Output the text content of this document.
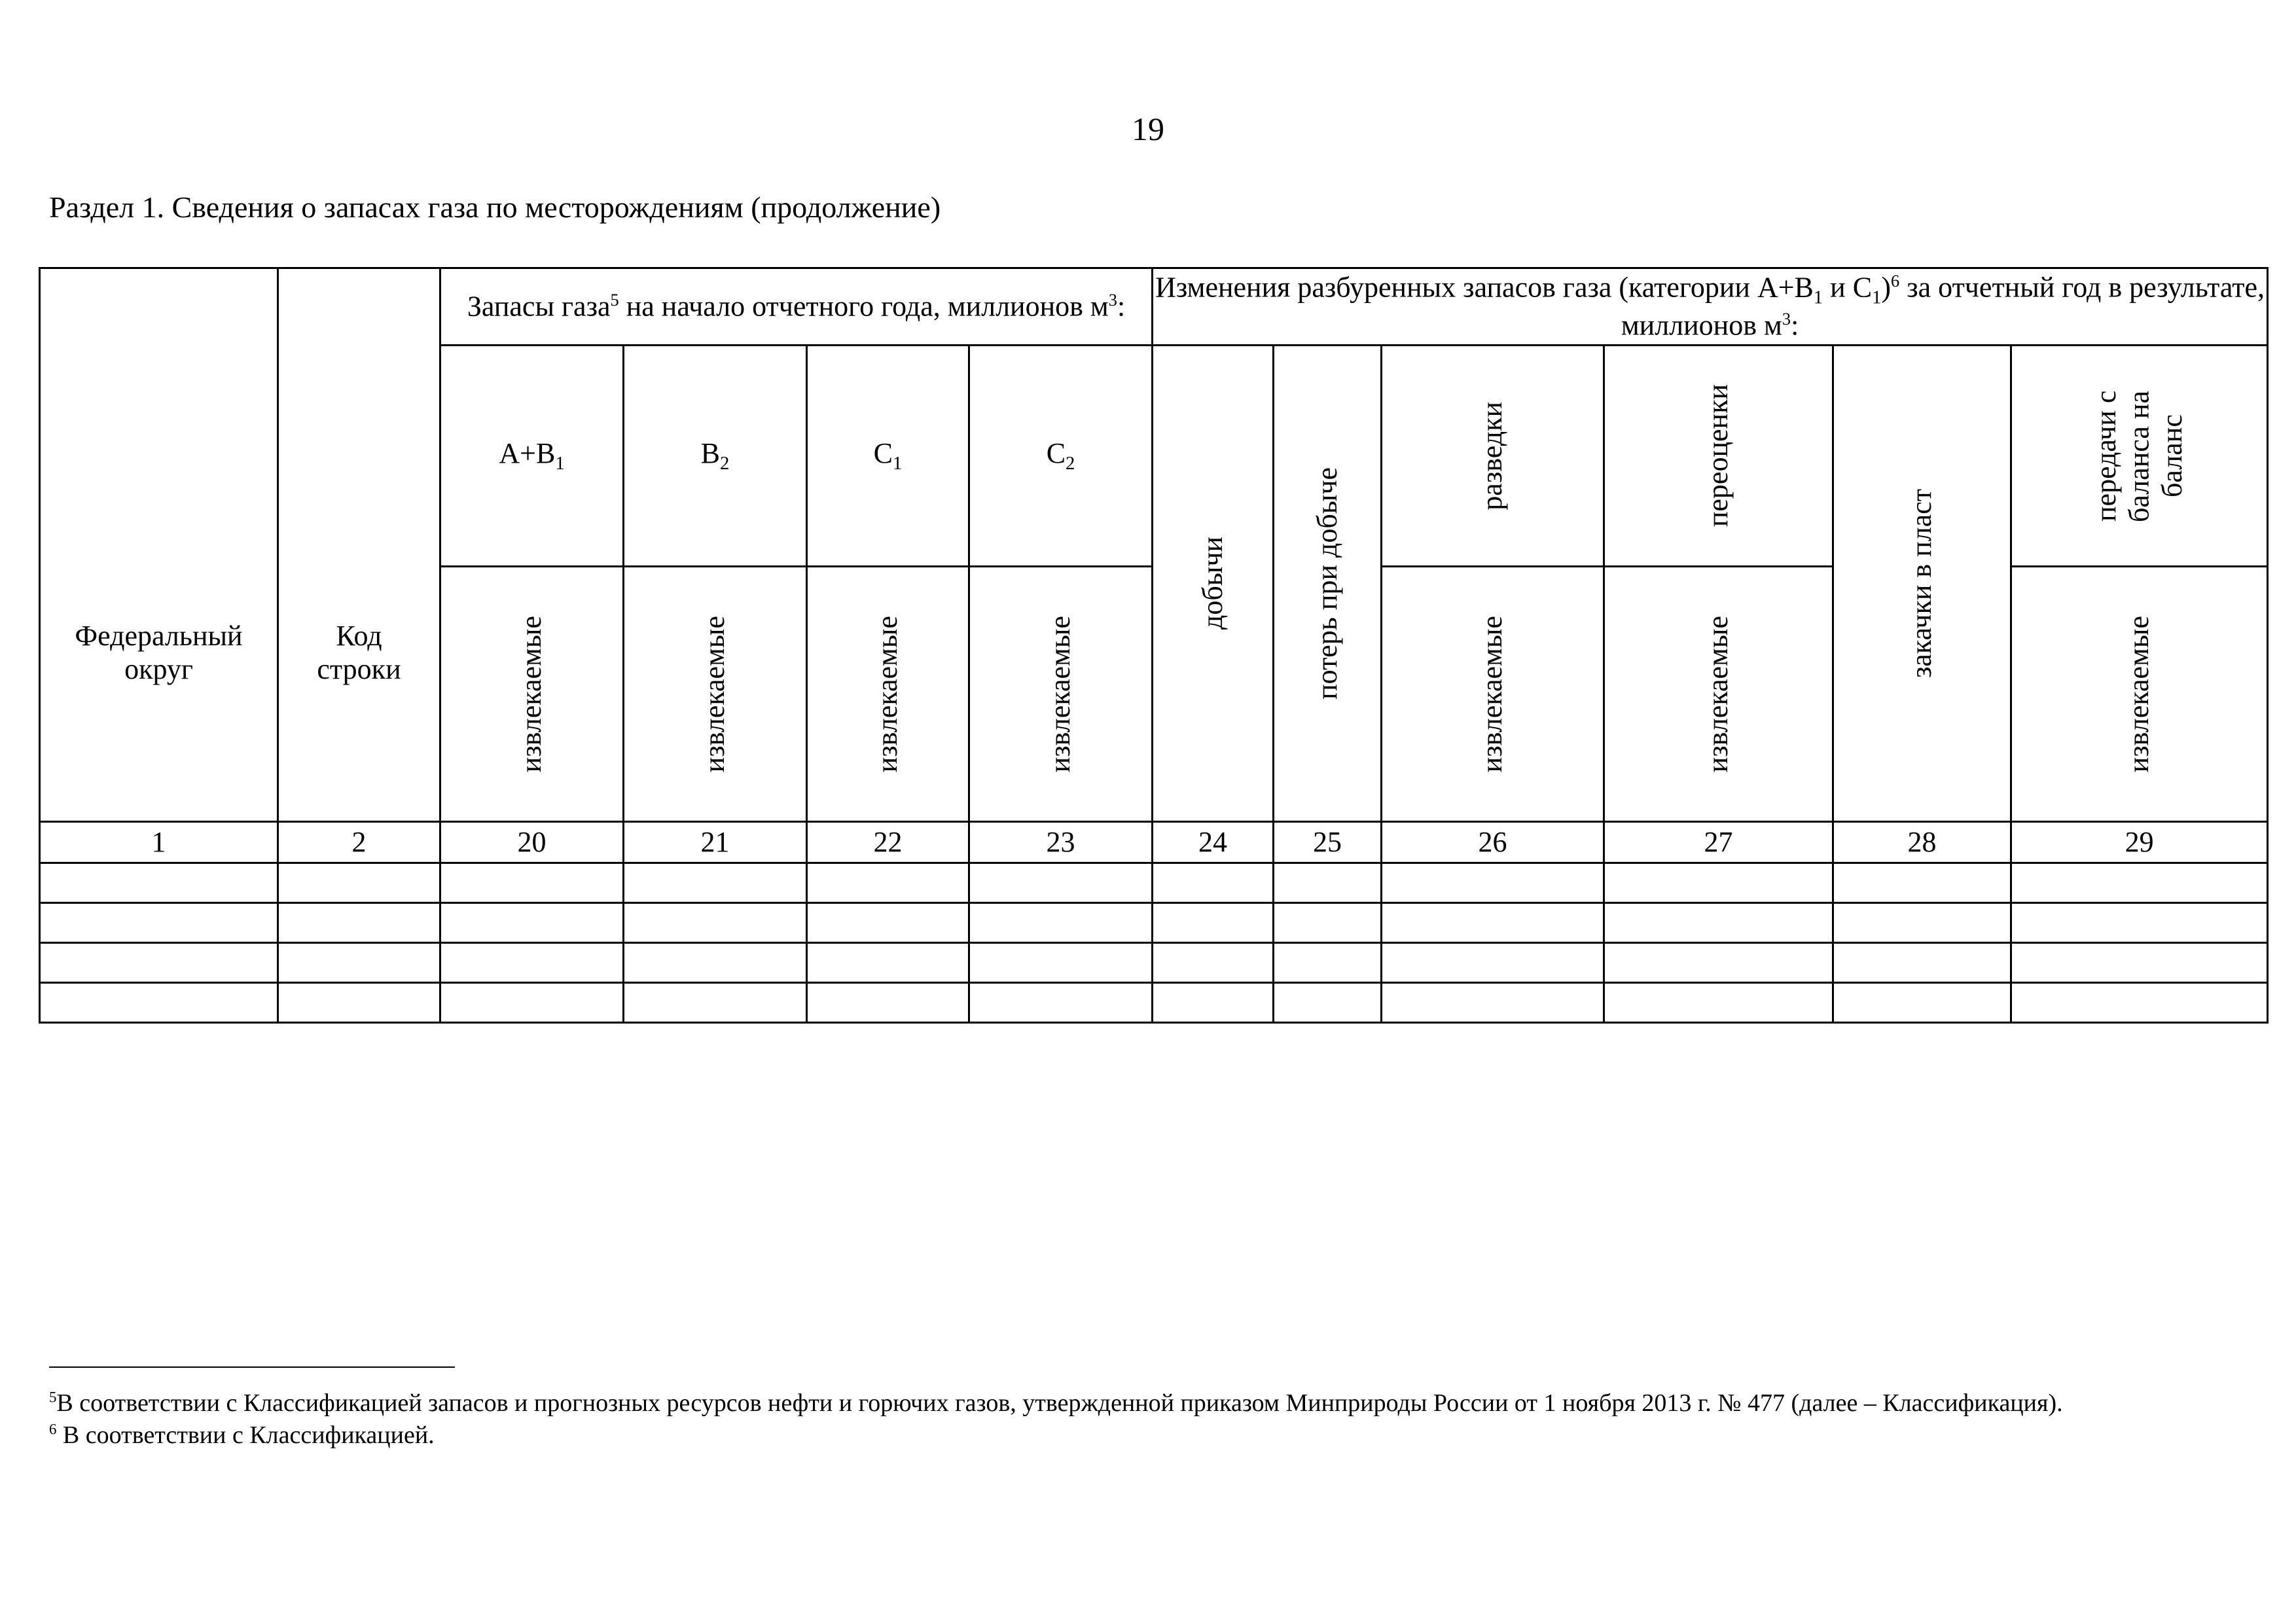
19
Раздел 1. Сведения о запасах газа по месторождениям (продолжение)
Федеральный округ	Код строки	Запасы газа$^5$ на начало отчетного года, миллионов $м^3$:				Изменения разбуренных запасов газа (категории $А+В_1$ и $С_1)^6$ за отчетный год в результате, миллионов $м^3$:					
		$А+В_1$	$В_2$	$С_1$	$С_2$	добычи	потерь при добыче	разведки	переоценки	закачки в пласт	передачи с баланса на баланс

		извлекаемые	извлекаемые	извлекаемые	извлекаемые			извлекаемые	извлекаемые		извлекаемые

1	2	20	21	22	23	24	25	26	27	28	29

$^5$В соответствии с Классификацией запасов и прогнозных ресурсов нефти и горючих газов, утвержденной приказом Минприроды России от 1 ноября 2013 г. № 477 (далее – Классификация).

$^6$ В соответствии с Классификацией.
